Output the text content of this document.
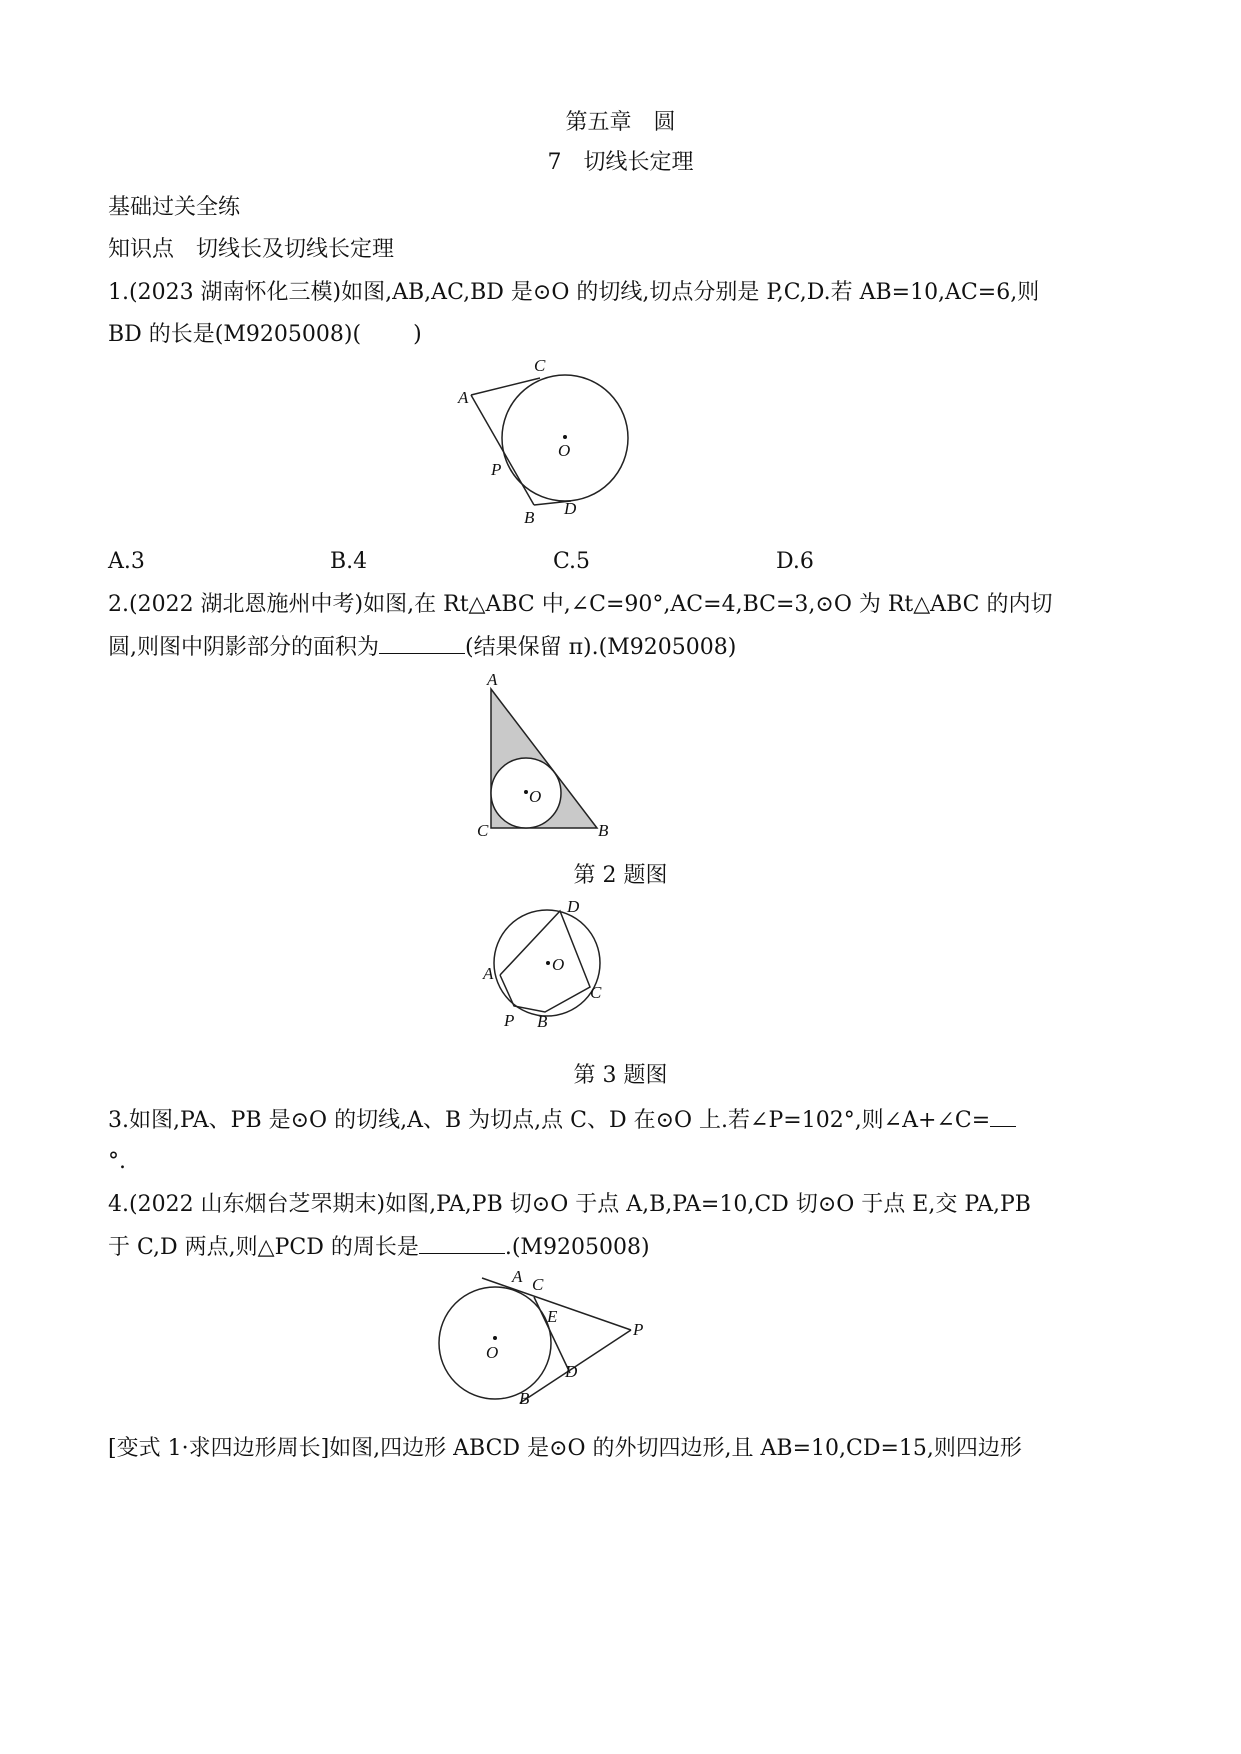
第五章　圆

7　切线长定理

基础过关全练

知识点　切线长及切线长定理

1.(2023 湖南怀化三模)如图,AB,AC,BD 是⊙O 的切线,切点分别是 P,C,D.若 AB=10,AC=6,则

BD 的长是(M9205008)( )

C
A
O
P
D
B

A.3	B.4	C.5	D.6

2.(2022 湖北恩施州中考)如图,在 Rt△ABC 中,∠C=90°,AC=4,BC=3,⊙O 为 Rt△ABC 的内切

圆,则图中阴影部分的面积为	(结果保留 π).(M9205008)

A
O
C	B

第 2 题图

D
A	O
C
P B

第 3 题图

3.如图,PA、PB 是⊙O 的切线,A、B 为切点,点 C、D 在⊙O 上.若∠P=102°,则∠A+∠C=

°.

4.(2022 山东烟台芝罘期末)如图,PA,PB 切⊙O 于点 A,B,PA=10,CD 切⊙O 于点 E,交 PA,PB

于 C,D 两点,则△PCD 的周长是	.(M9205008)

A C
E
P
O
D
B

[变式 1·求四边形周长]如图,四边形 ABCD 是⊙O 的外切四边形,且 AB=10,CD=15,则四边形
